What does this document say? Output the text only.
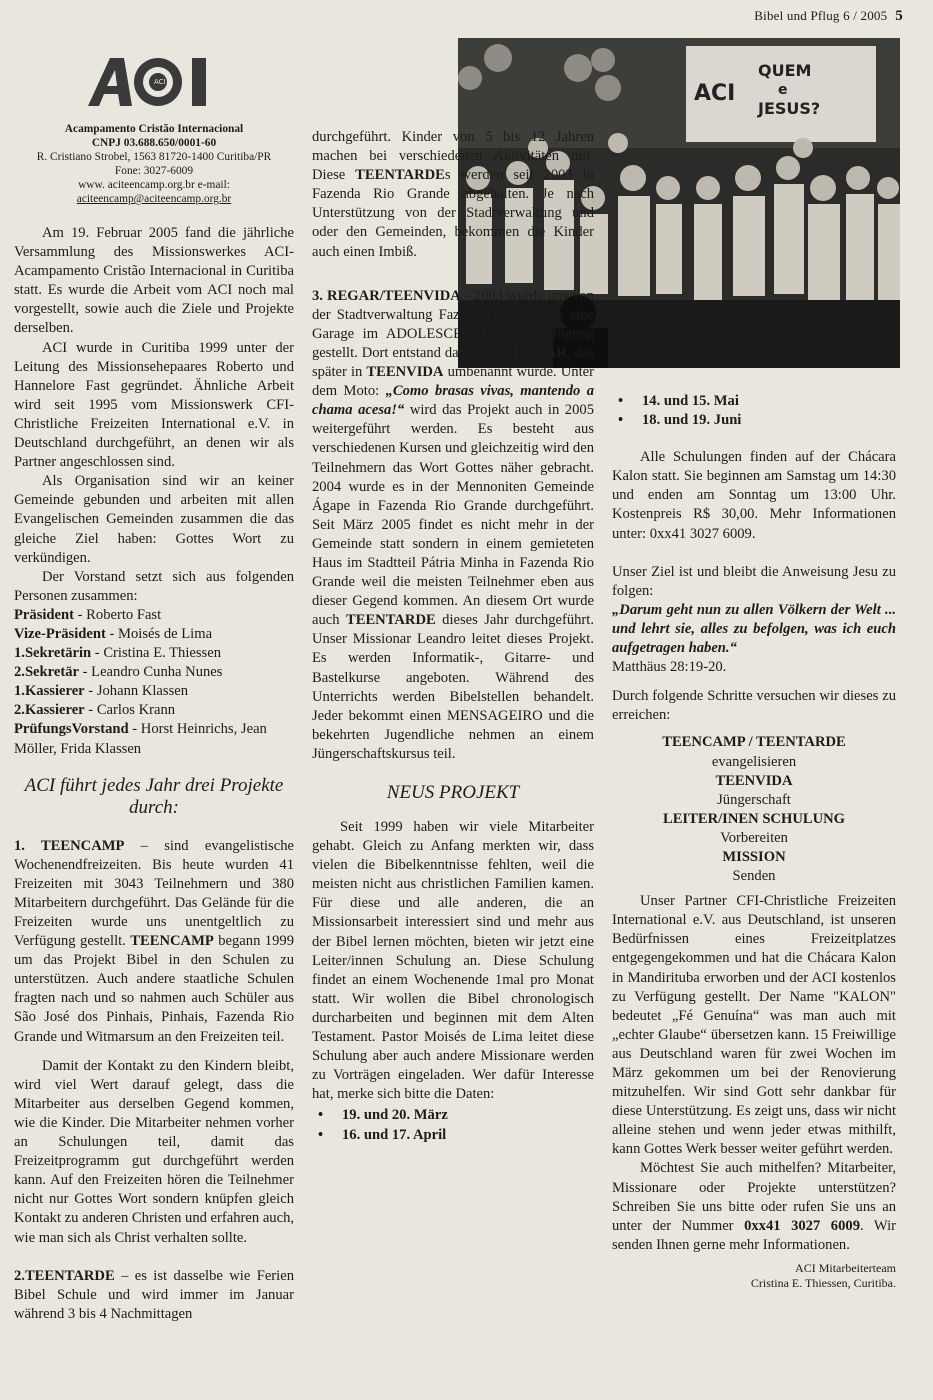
Bibel und Pflug 6 / 2005 5
ACI
Acampamento Cristão Internacional
CNPJ 03.688.650/0001-60
R. Cristiano Strobel, 1563 81720-1400 Curitiba/PR
Fone: 3027-6009
www. aciteencamp.org.br e-mail:
aciteencamp@aciteencamp.org.br

Am 19. Februar 2005 fand die jährliche Versammlung des Missionswerkes ACI-Acampamento Cristão Internacional in Curitiba statt. Es wurde die Arbeit vom ACI noch mal vorgestellt, sowie auch die Ziele und Projekte derselben.

ACI wurde in Curitiba 1999 unter der Leitung des Missionsehepaares Roberto und Hannelore Fast gegründet. Ähnliche Arbeit wird seit 1995 vom Missionswerk CFI- Christliche Freizeiten International e.V. in Deutschland durchgeführt, an denen wir als Partner angeschlossen sind.

Als Organisation sind wir an keiner Gemeinde gebunden und arbeiten mit allen Evangelischen Gemeinden zusammen die das gleiche Ziel haben: Gottes Wort zu verkündigen.

Der Vorstand setzt sich aus folgenden Personen zusammen:

Präsident - Roberto Fast
Vize-Präsident - Moisés de Lima
1.Sekretärin - Cristina E. Thiessen
2.Sekretär - Leandro Cunha Nunes
1.Kassierer - Johann Klassen
2.Kassierer - Carlos Krann
PrüfungsVorstand - Horst Heinrichs, Jean Möller, Frida Klassen
ACI führt jedes Jahr drei Projekte durch:

1. TEENCAMP – sind evangelistische Wochenendfreizeiten. Bis heute wurden 41 Freizeiten mit 3043 Teilnehmern und 380 Mitarbeitern durchgeführt. Das Gelände für die Freizeiten wurde uns unentgeltlich zu Verfügung gestellt. TEENCAMP begann 1999 um das Projekt Bibel in den Schulen zu unterstützen. Auch andere staatliche Schulen fragten nach und so nahmen auch Schüler aus São José dos Pinhais, Pinhais, Fazenda Rio Grande und Witmarsum an den Freizeiten teil.

Damit der Kontakt zu den Kindern bleibt, wird viel Wert darauf gelegt, dass die Mitarbeiter aus derselben Gegend kommen, wie die Kinder. Die Mitarbeiter nehmen vorher an Schulungen teil, damit das Freizeitprogramm gut durchgeführt werden kann. Auf den Freizeiten hören die Teilnehmer nicht nur Gottes Wort sondern knüpfen gleich Kontakt zu anderen Christen und erfahren auch, wie man sich als Christ verhalten sollte.

2.TEENTARDE – es ist dasselbe wie Ferien Bibel Schule und wird immer im Januar während 3 bis 4 Nachmittagen

QUEM
e
JESUS?
ACI

durchgeführt. Kinder von 5 bis 12 Jahren machen bei verschiedenen Aktivitäten mit. Diese TEENTARDEs werden seit 2003 in Fazenda Rio Grande abgehalten. Je nach Unterstützung von der Stadtverwaltung und oder den Gemeinden, bekommen die Kinder auch einen Imbiß.

3. REGAR/TEENVIDA - 2003 wurde uns von der Stadtverwaltung Fazenda Rio Grande eine Garage im ADOLESCENTRO zu Verfügung gestellt. Dort entstand das Projekt REGAR, das später in TEENVIDA umbenannt wurde. Unter dem Moto: „Como brasas vivas, mantendo a chama acesa!“ wird das Projekt auch in 2005 weitergeführt werden. Es besteht aus verschiedenen Kursen und gleichzeitig wird den Teilnehmern das Wort Gottes näher gebracht. 2004 wurde es in der Mennoniten Gemeinde Ágape in Fazenda Rio Grande durchgeführt. Seit März 2005 findet es nicht mehr in der Gemeinde statt sondern in einem gemieteten Haus im Stadtteil Pátria Minha in Fazenda Rio Grande weil die meisten Teilnehmer eben aus dieser Gegend kommen. An diesem Ort wurde auch TEENTARDE dieses Jahr durchgeführt. Unser Missionar Leandro leitet dieses Projekt. Es werden Informatik-, Gitarre- und Bastelkurse angeboten. Während des Unterrichts werden Bibelstellen behandelt. Jeder bekommt einen MENSAGEIRO und die bekehrten Jugendliche nehmen an einem Jüngerschaftskursus teil.

NEUS PROJEKT

Seit 1999 haben wir viele Mitarbeiter gehabt. Gleich zu Anfang merkten wir, dass vielen die Bibelkenntnisse fehlten, weil die meisten nicht aus christlichen Familien kamen. Für diese und alle anderen, die an Missionsarbeit interessiert sind und mehr aus der Bibel lernen möchten, bieten wir jetzt eine Leiter/innen Schulung an. Diese Schulung findet an einem Wochenende 1mal pro Monat statt. Wir wollen die Bibel chronologisch durcharbeiten und beginnen mit dem Alten Testament. Pastor Moisés de Lima leitet diese Schulung aber auch andere Missionare werden zu Vorträgen eingeladen. Wer dafür Interesse hat, merke sich bitte die Daten:

• 19. und 20. März
• 16. und 17. April
• 14. und 15. Mai
• 18. und 19. Juni

Alle Schulungen finden auf der Chácara Kalon statt. Sie beginnen am Samstag um 14:30 und enden am Sonntag um 13:00 Uhr. Kostenpreis R$ 30,00. Mehr Informationen unter: 0xx41 3027 6009.

Unser Ziel ist und bleibt die Anweisung Jesu zu folgen:

„Darum geht nun zu allen Völkern der Welt ... und lehrt sie, alles zu befolgen, was ich euch aufgetragen haben.“

Matthäus 28:19-20.

Durch folgende Schritte versuchen wir dieses zu erreichen:

TEENCAMP / TEENTARDE
evangelisieren
TEENVIDA
Jüngerschaft
LEITER/INEN SCHULUNG
Vorbereiten
MISSION
Senden

Unser Partner CFI-Christliche Freizeiten International e.V. aus Deutschland, ist unseren Bedürfnissen eines Freizeitplatzes entgegengekommen und hat die Chácara Kalon in Mandirituba erworben und der ACI kostenlos zu Verfügung gestellt. Der Name "KALON" bedeutet „Fé Genuína“ was man auch mit „echter Glaube“ übersetzen kann. 15 Freiwillige aus Deutschland waren für zwei Wochen im März gekommen um bei der Renovierung mitzuhelfen. Wir sind Gott sehr dankbar für diese Unterstützung. Es zeigt uns, dass wir nicht alleine stehen und wenn jeder etwas mithilft, kann Gottes Werk besser weiter geführt werden.

Möchtest Sie auch mithelfen? Mitarbeiter, Missionare oder Projekte unterstützen? Schreiben Sie uns bitte oder rufen Sie uns an unter der Nummer 0xx41 3027 6009. Wir senden Ihnen gerne mehr Informationen.

ACI Mitarbeiterteam
Cristina E. Thiessen, Curitiba.
